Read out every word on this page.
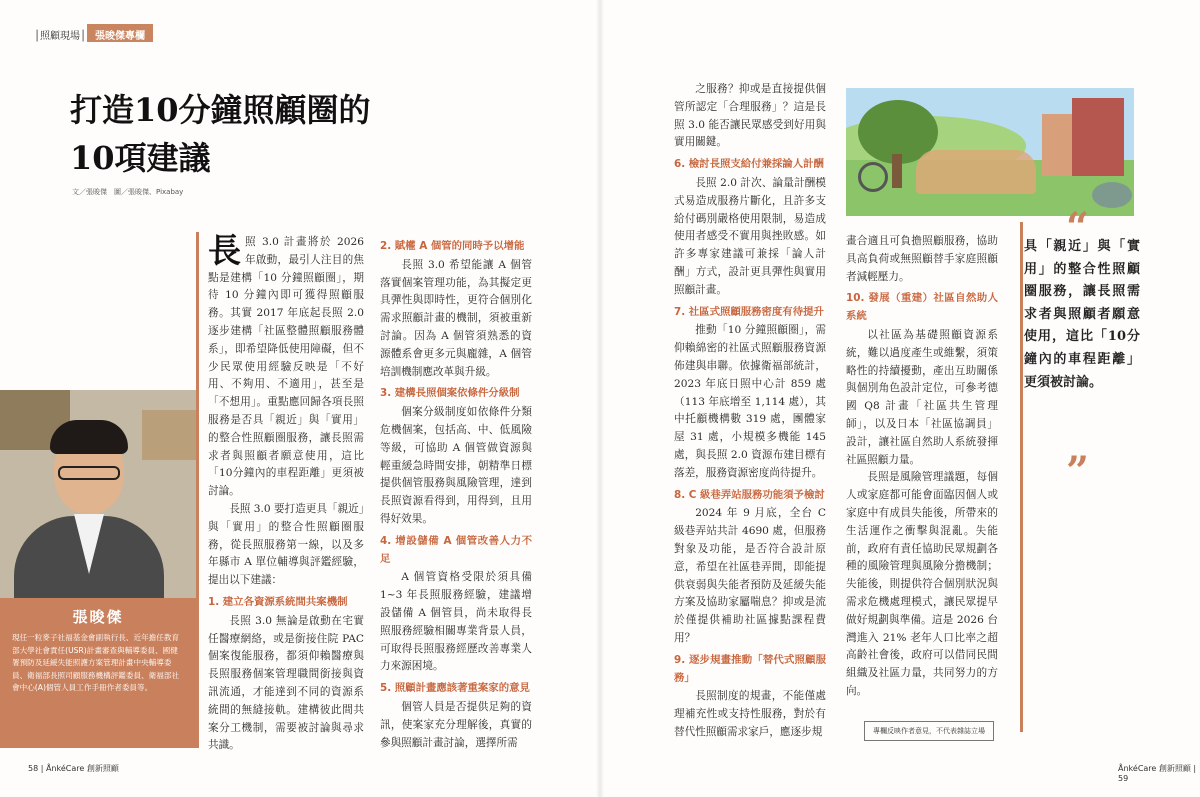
│照顧現場│ 張晙傑專欄
打造10分鐘照顧圈的
10項建議
文／張晙傑　圖／張晙傑、Pixabay
張晙傑
現任一粒麥子社福基金會副執行長、近年擔任教育部大學社會責任(USR)計畫審查與輔導委員、國健署預防及延緩失能照護方案管理計畫中央輔導委員、衛福部長照司顧服務機構評鑑委員、衛福部社會中心(A)個管人員工作手冊作者委員等。

長照 3.0 計畫將於 2026 年啟動，最引人注目的焦點是建構「10 分鐘照顧圈」，期待 10 分鐘內即可獲得照顧服務。其實 2017 年底起長照 2.0 逐步建構「社區整體照顧服務體系」，即希望降低使用障礙，但不少民眾使用經驗反映是「不好用、不夠用、不適用」，甚至是「不想用」。重點應回歸各項長照服務是否具「親近」與「實用」的整合性照顧圈服務，讓長照需求者與照顧者願意使用，這比「10分鐘內的車程距離」更須被討論。

長照 3.0 要打造更具「親近」與「實用」的整合性照顧圈服務，從長照服務第一線，以及多年縣市 A 單位輔導與評鑑經驗，提出以下建議：

1. 建立各資源系統間共案機制

長照 3.0 無論是啟動在宅實任醫療網絡，或是銜接住院 PAC 個案復能服務，都須仰賴醫療與長照服務個案管理職間銜接與資訊流通，才能達到不同的資源系統間的無縫接軌。建構彼此間共案分工機制，需要被討論與尋求共識。

2. 賦權 A 個管的同時予以增能

長照 3.0 希望能讓 A 個管落實個案管理功能，為其擬定更具彈性與即時性，更符合個別化需求照顧計畫的機制，須被重新討論。因為 A 個管須熟悉的資源體系會更多元與龐雜，A 個管培訓機制應改革與升級。

3. 建構長照個案依條件分級制

個案分級制度如依條件分類危機個案，包括高、中、低風險等級，可協助 A 個管做資源與輕重緩急時間安排，朝精準日標提供個管服務與風險管理，達到長照資源看得到，用得到，且用得好效果。

4. 增設儲備 A 個管改善人力不足

A 個管資格受限於須具備 1~3 年長照服務經驗，建議增設儲備 A 個管員，尚未取得長照服務經驗相關專業背景人員，可取得長照服務經歷改善專業人力來源困境。

5. 照顧計畫應該著重案家的意見

個管人員是否提供足夠的資訊，使案家充分理解後，真實的參與照顧計畫討論，選擇所需

之服務？抑或是直接提供個管所認定「合理服務」？這是長照 3.0 能否讓民眾感受到好用與實用關鍵。

6. 檢討長照支給付兼採論人計酬

長照 2.0 計次、論量計酬模式易造成服務片斷化，且許多支給付碼別嚴格使用限制，易造成使用者感受不實用與挫敗感。如許多專家建議可兼採「論人計酬」方式，設計更具彈性與實用照顧計畫。

7. 社區式照顧服務密度有待提升

推動「10 分鐘照顧圈」，需仰賴綿密的社區式照顧服務資源佈建與串聯。依據衛福部統計，2023 年底日照中心計 859 處（113 年底增至 1,114 處），其中托顧機構數 319 處，團體家屋 31 處，小規模多機能 145 處，與長照 2.0 資源布建目標有落差，服務資源密度尚待提升。

8. C 級巷弄站服務功能須予檢討

2024 年 9 月底，全台 C 級巷弄站共計 4690 處，但服務對象及功能，是否符合設計原意，希望在社區巷弄間，即能提供衰弱與失能者預防及延緩失能方案及協助家屬喘息？抑或是流於僅提供補助社區據點課程費用？

9. 逐步規畫推動「替代式照顧服務」

長照制度的規畫，不能僅處理補充性或支持性服務，對於有替代性照顧需求家戶，應逐步規

畫合適且可負擔照顧服務，協助具高負荷或無照顧替手家庭照顧者減輕壓力。

10. 發展（重建）社區自然助人系統

以社區為基礎照顧資源系統，難以過度產生或維繫，須策略性的持續擾動，產出互助關係與個別角色設計定位，可參考德國 Q8 計畫「社區共生管理師」，以及日本「社區協調員」設計，讓社區自然助人系統發揮社區照顧力量。

長照是風險管理議題，每個人或家庭都可能會面臨因個人或家庭中有成員失能後，所帶來的生活運作之衝擊與混亂。失能前，政府有責任協助民眾規劃各種的風險管理與風險分擔機制；失能後，則提供符合個別狀況與需求危機處理模式，讓民眾提早做好規劃與準備。這是 2026 台灣進入 21% 老年人口比率之超高齡社會後，政府可以借同民間組織及社區力量，共同努力的方向。

“
具「親近」與「實用」的整合性照顧圈服務，讓長照需求者與照顧者願意使用，這比「10分鐘內的車程距離」更須被討論。
”
專欄反映作者意見，不代表雜誌立場
58 | ÅnkéCare 創新照顧	ÅnkéCare 創新照顧 | 59
